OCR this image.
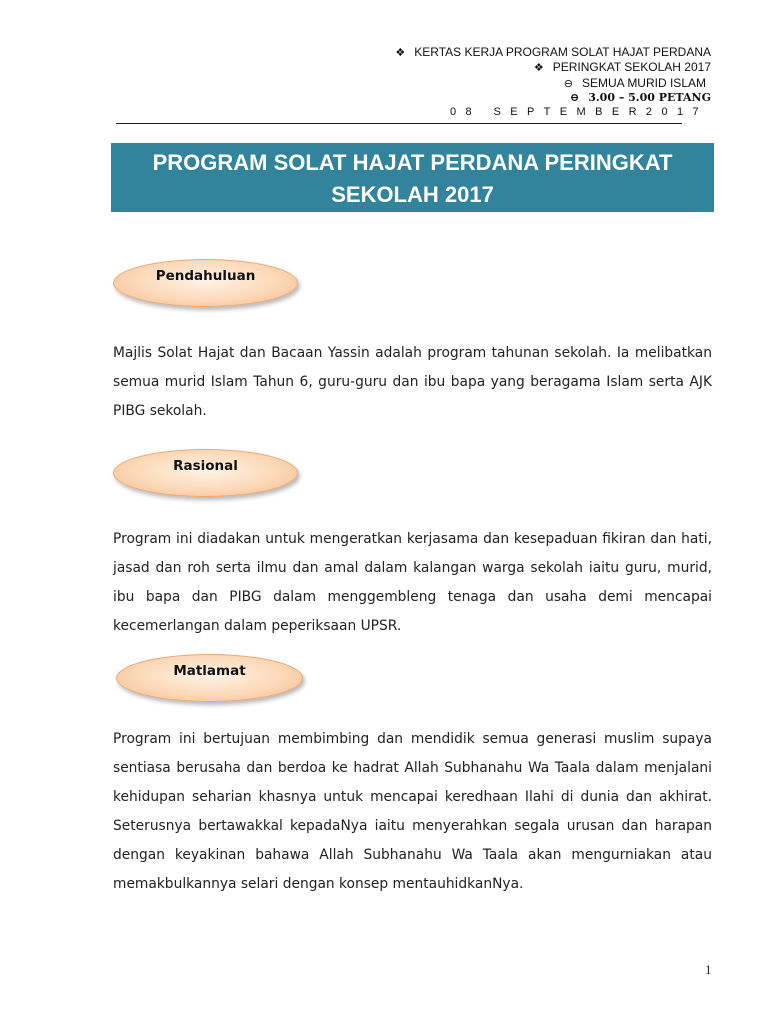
❖ KERTAS KERJA PROGRAM SOLAT HAJAT PERDANA
❖ PERINGKAT SEKOLAH 2017
⊖ SEMUA MURID ISLAM
⊖ 3.00 – 5.00 PETANG
08 SEPTEMBER2017
PROGRAM SOLAT HAJAT PERDANA PERINGKAT
SEKOLAH 2017
Pendahuluan

Majlis Solat Hajat dan Bacaan Yassin adalah program tahunan sekolah. Ia melibatkan semua murid Islam Tahun 6, guru-guru dan ibu bapa yang beragama Islam serta AJK PIBG sekolah.

Rasional

Program ini diadakan untuk mengeratkan kerjasama dan kesepaduan fikiran dan hati, jasad dan roh serta ilmu dan amal dalam kalangan warga sekolah iaitu guru, murid, ibu bapa dan PIBG dalam menggembleng tenaga dan usaha demi mencapai kecemerlangan dalam peperiksaan UPSR.

Matlamat

Program ini bertujuan membimbing dan mendidik semua generasi muslim supaya sentiasa berusaha dan berdoa ke hadrat Allah Subhanahu Wa Taala dalam menjalani kehidupan seharian khasnya untuk mencapai keredhaan Ilahi di dunia dan akhirat. Seterusnya bertawakkal kepadaNya iaitu menyerahkan segala urusan dan harapan dengan keyakinan bahawa Allah Subhanahu Wa Taala akan mengurniakan atau memakbulkannya selari dengan konsep mentauhidkanNya.

1
